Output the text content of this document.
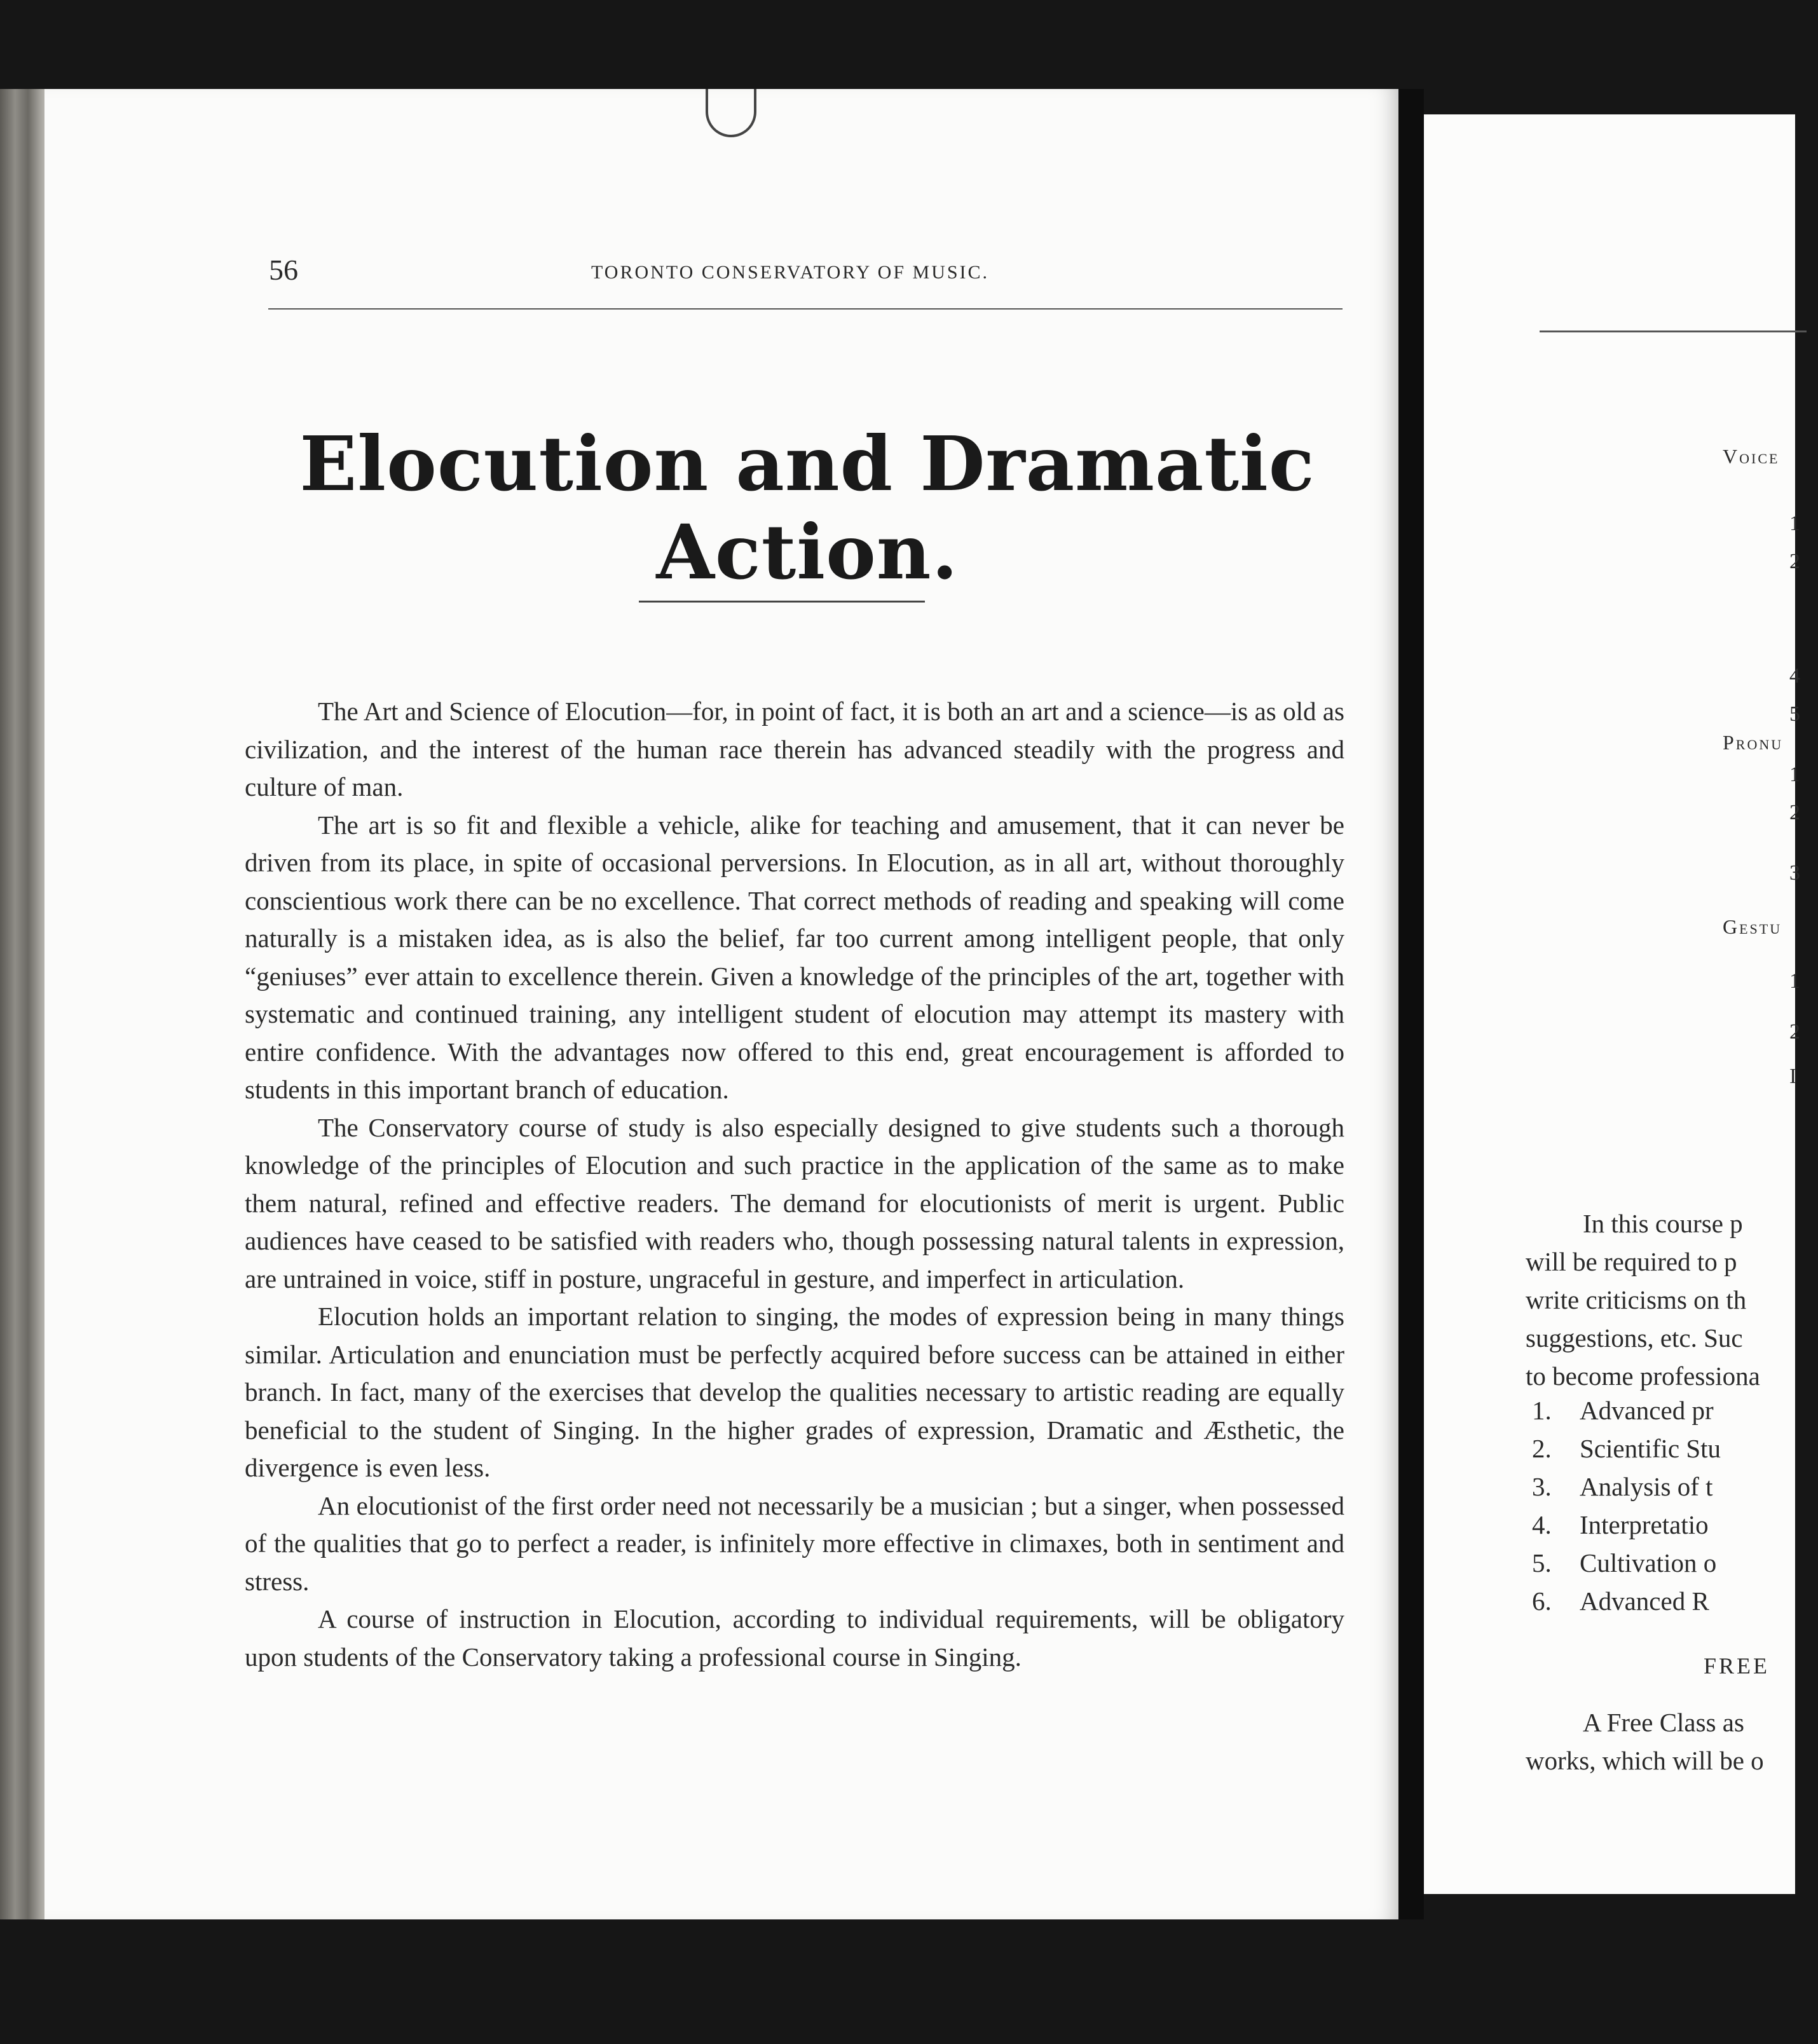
56	TORONTO CONSERVATORY OF MUSIC.
Elocution and Dramatic Action.

The Art and Science of Elocution—for, in point of fact, it is both an art and a science—is as old as civilization, and the interest of the human race therein has advanced steadily with the progress and culture of man.

The art is so fit and flexible a vehicle, alike for teaching and amusement, that it can never be driven from its place, in spite of occasional perversions. In Elocution, as in all art, without thoroughly conscientious work there can be no excellence. That correct methods of reading and speaking will come naturally is a mistaken idea, as is also the belief, far too current among intelligent people, that only “geniuses” ever attain to excellence therein. Given a knowledge of the principles of the art, together with systematic and continued training, any intelligent student of elocution may attempt its mastery with entire confidence. With the advantages now offered to this end, great encouragement is afforded to students in this important branch of education.

The Conservatory course of study is also especially designed to give students such a thorough knowledge of the principles of Elocution and such practice in the application of the same as to make them natural, refined and effective readers. The demand for elocutionists of merit is urgent. Public audiences have ceased to be satisfied with readers who, though possessing natural talents in expression, are untrained in voice, stiff in posture, ungraceful in gesture, and imperfect in articulation.

Elocution holds an important relation to singing, the modes of expression being in many things similar. Articulation and enunciation must be perfectly acquired before success can be attained in either branch. In fact, many of the exercises that develop the qualities necessary to artistic reading are equally beneficial to the student of Singing. In the higher grades of expression, Dramatic and Æsthetic, the divergence is even less.

An elocutionist of the first order need not necessarily be a musician ; but a singer, when possessed of the qualities that go to perfect a reader, is infinitely more effective in climaxes, both in sentiment and stress.

A course of instruction in Elocution, according to individual requirements, will be obligatory upon students of the Conservatory taking a professional course in Singing.

Voice
Pronu
Gestu
1
2
4
5
1
2
3
1
2
I
In this course p
will be required to p
write criticisms on th
suggestions, etc. Suc
to become professiona
1. Advanced pr
2. Scientific Stu
3. Analysis of t
4. Interpretatio
5. Cultivation o
6. Advanced R
FREE
A Free Class as
works, which will be o
